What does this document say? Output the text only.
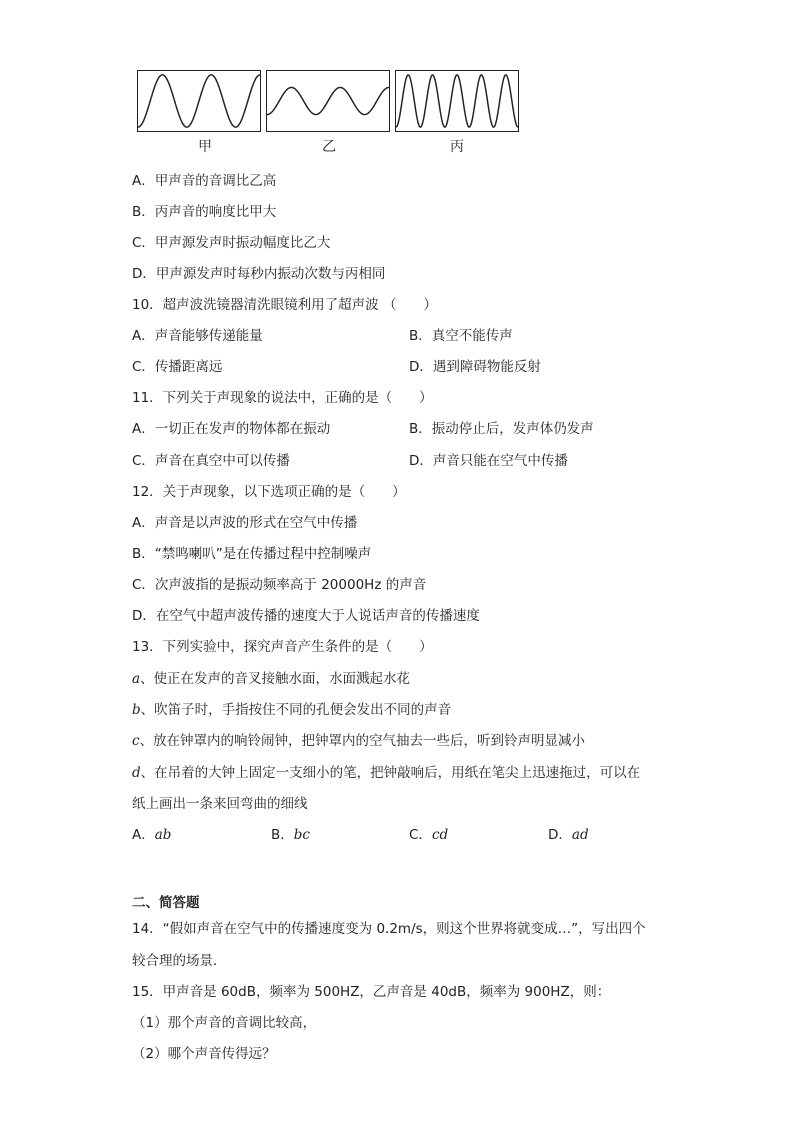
甲	乙	丙
A．甲声音的音调比乙高
B．丙声音的响度比甲大
C．甲声源发声时振动幅度比乙大
D．甲声源发声时每秒内振动次数与丙相同
10．超声波洗镜器清洗眼镜利用了超声波 （　　）
A．声音能够传递能量	B．真空不能传声
C．传播距离远	D．遇到障碍物能反射
11．下列关于声现象的说法中，正确的是（　　）
A．一切正在发声的物体都在振动	B．振动停止后，发声体仍发声
C．声音在真空中可以传播	D．声音只能在空气中传播
12．关于声现象，以下选项正确的是（　　）
A．声音是以声波的形式在空气中传播
B．“禁鸣喇叭”是在传播过程中控制噪声
C．次声波指的是振动频率高于 20000Hz 的声音
D．在空气中超声波传播的速度大于人说话声音的传播速度
13．下列实验中，探究声音产生条件的是（　　）
a、使正在发声的音叉接触水面，水面溅起水花
b、吹笛子时，手指按住不同的孔便会发出不同的声音
c、放在钟罩内的响铃闹钟，把钟罩内的空气抽去一些后，听到铃声明显减小
d、在吊着的大钟上固定一支细小的笔，把钟敲响后，用纸在笔尖上迅速拖过，可以在
纸上画出一条来回弯曲的细线
A．ab	B．bc	C．cd	D．ad
二、简答题
14．“假如声音在空气中的传播速度变为 0.2m/s，则这个世界将就变成…”，写出四个
较合理的场景．
15．甲声音是 60dB，频率为 500HZ，乙声音是 40dB，频率为 900HZ，则：
（1）那个声音的音调比较高，
（2）哪个声音传得远？
